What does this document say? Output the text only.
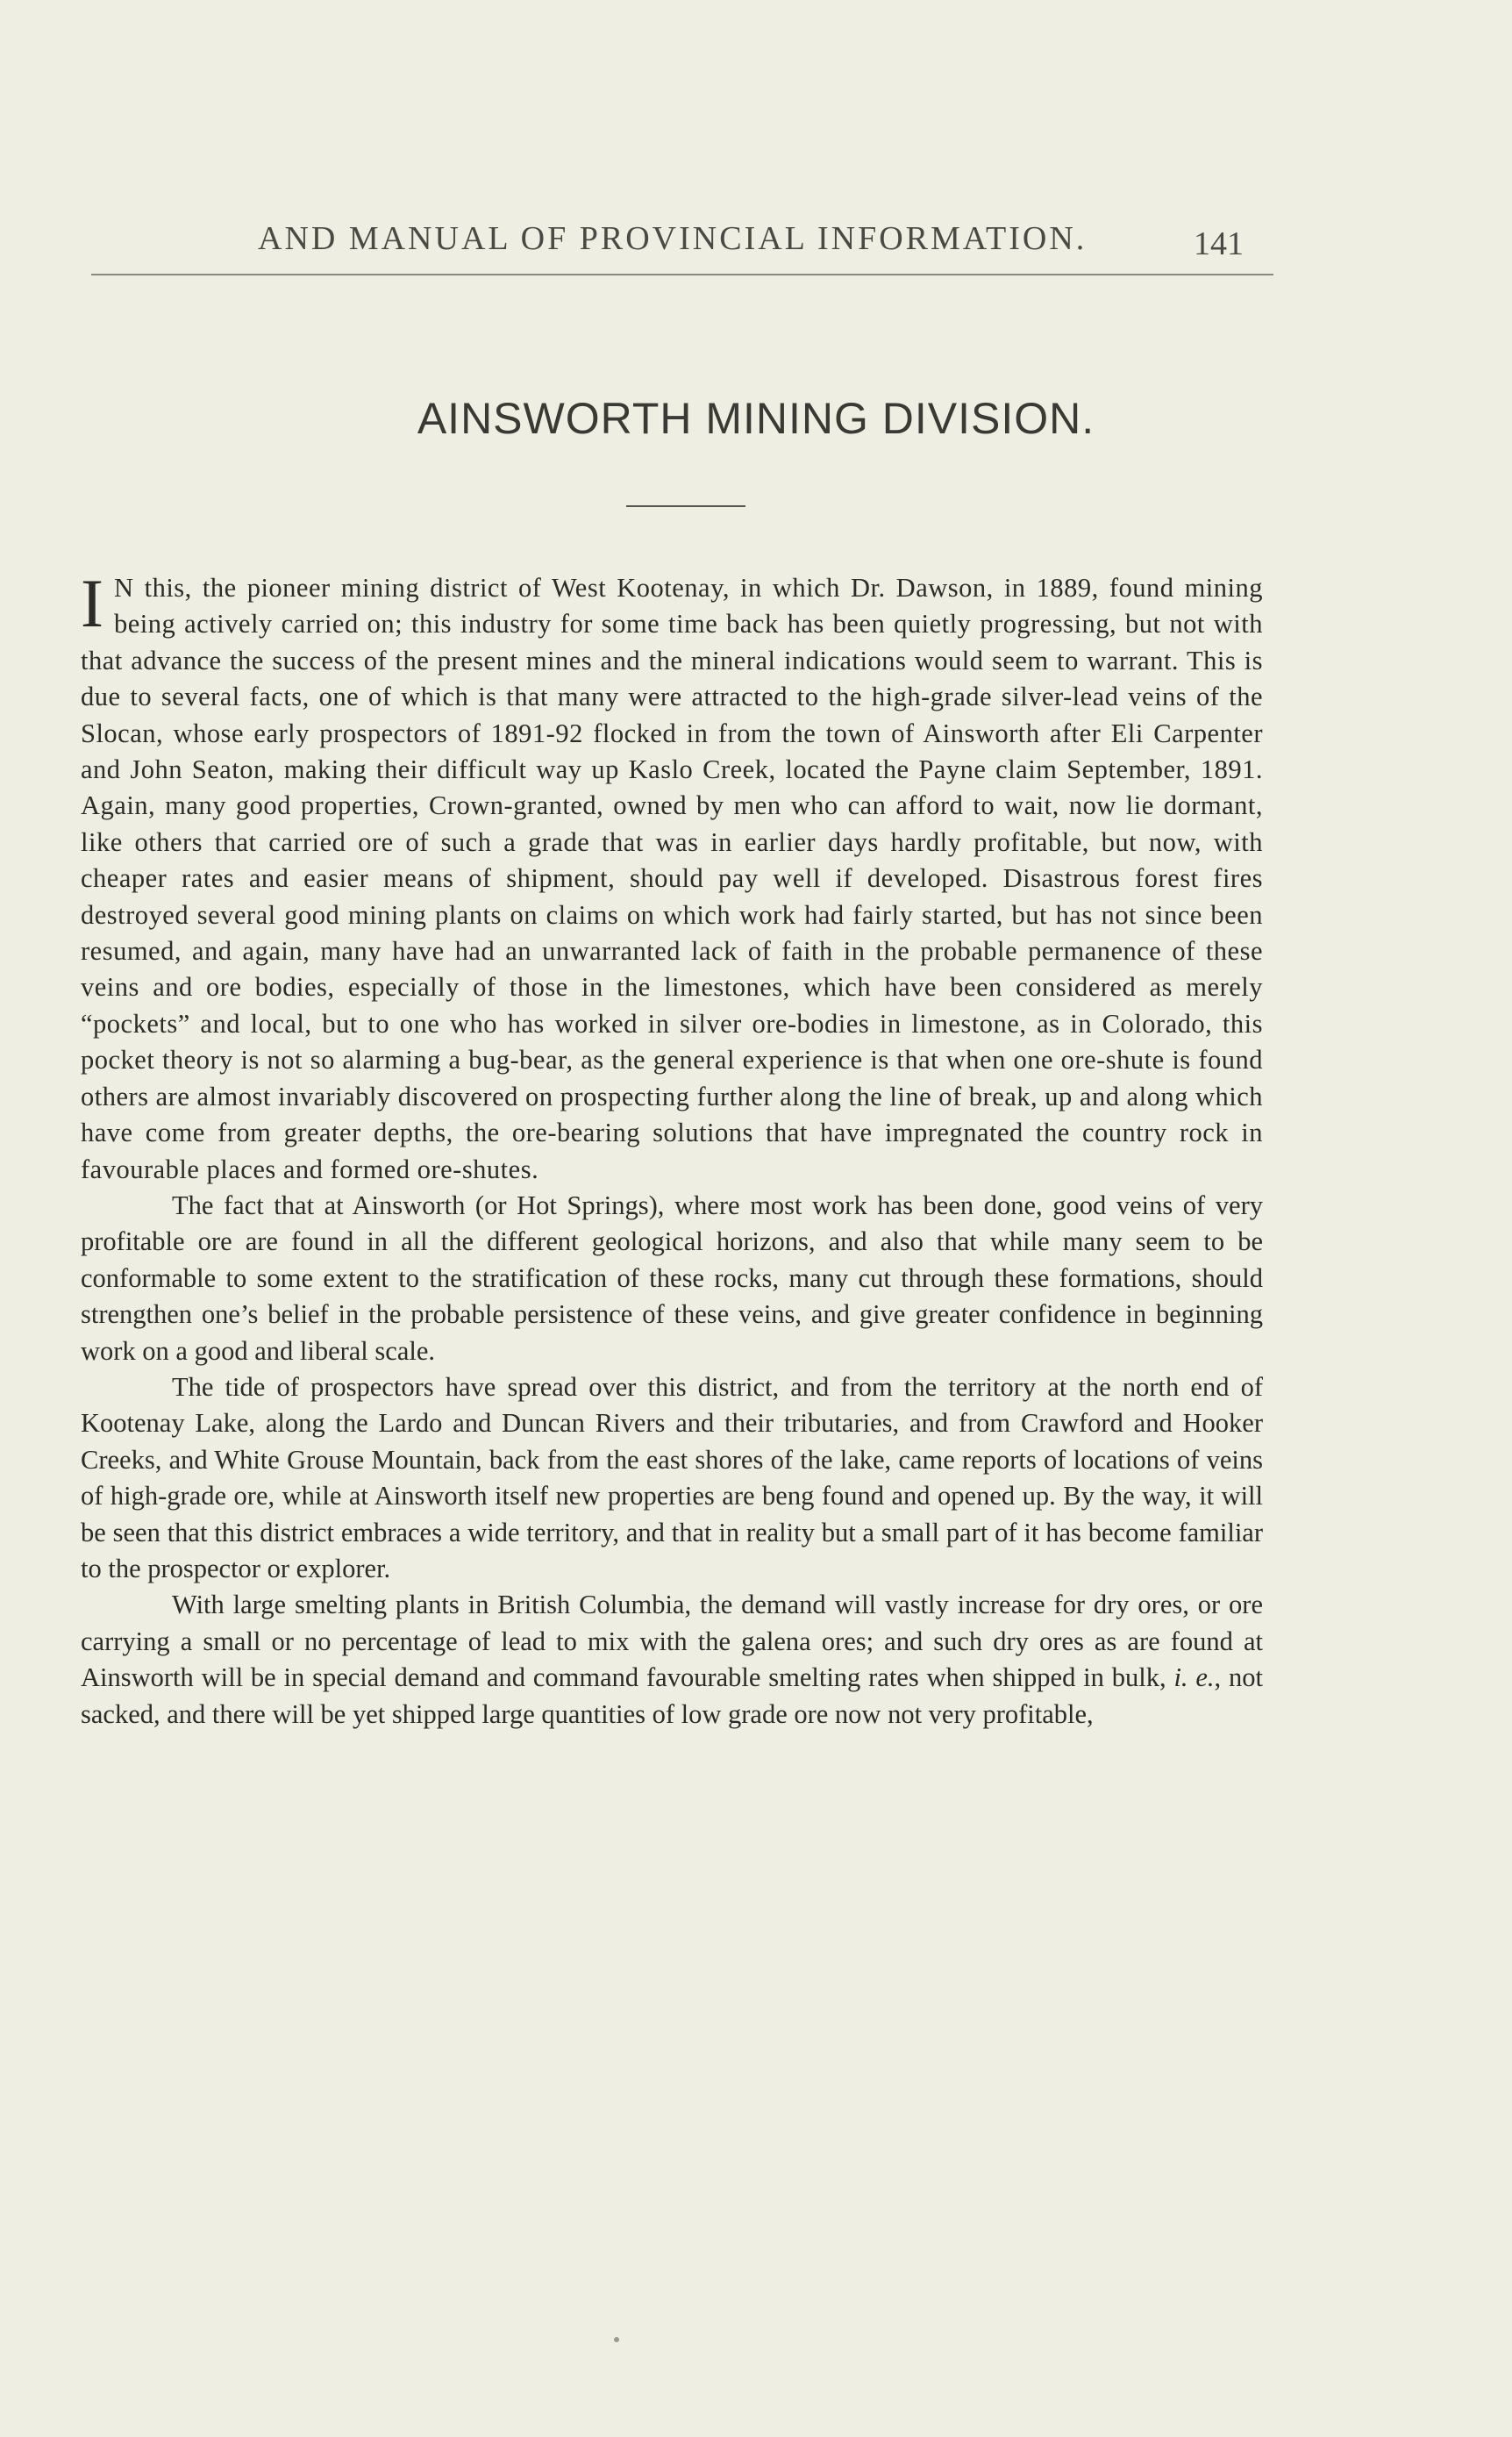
AND MANUAL OF PROVINCIAL INFORMATION.	141
AINSWORTH MINING DIVISION.

I N this, the pioneer mining district of West Kootenay, in which Dr. Dawson, in 1889, found mining being actively carried on; this industry for some time back has been quietly progressing, but not with that advance the success of the present mines and the mineral indications would seem to warrant. This is due to several facts, one of which is that many were attracted to the high-grade silver-lead veins of the Slocan, whose early prospectors of 1891-92 flocked in from the town of Ainsworth after Eli Carpenter and John Seaton, making their difficult way up Kaslo Creek, located the Payne claim September, 1891. Again, many good properties, Crown-granted, owned by men who can afford to wait, now lie dormant, like others that carried ore of such a grade that was in earlier days hardly profitable, but now, with cheaper rates and easier means of shipment, should pay well if developed. Disastrous forest fires destroyed several good mining plants on claims on which work had fairly started, but has not since been resumed, and again, many have had an unwarranted lack of faith in the probable permanence of these veins and ore bodies, especially of those in the limestones, which have been considered as merely “pockets” and local, but to one who has worked in silver ore-bodies in limestone, as in Colorado, this pocket theory is not so alarming a bug-bear, as the general experience is that when one ore-shute is found others are almost invariably discovered on prospecting further along the line of break, up and along which have come from greater depths, the ore-bearing solutions that have impregnated the country rock in favourable places and formed ore-shutes.

The fact that at Ainsworth (or Hot Springs), where most work has been done, good veins of very profitable ore are found in all the different geological horizons, and also that while many seem to be conformable to some extent to the stratification of these rocks, many cut through these formations, should strengthen one’s belief in the probable persistence of these veins, and give greater confidence in beginning work on a good and liberal scale.

The tide of prospectors have spread over this district, and from the territory at the north end of Kootenay Lake, along the Lardo and Duncan Rivers and their tributaries, and from Crawford and Hooker Creeks, and White Grouse Mountain, back from the east shores of the lake, came reports of locations of veins of high-grade ore, while at Ainsworth itself new properties are beng found and opened up. By the way, it will be seen that this district embraces a wide territory, and that in reality but a small part of it has become familiar to the prospector or explorer.

With large smelting plants in British Columbia, the demand will vastly increase for dry ores, or ore carrying a small or no percentage of lead to mix with the galena ores; and such dry ores as are found at Ainsworth will be in special demand and command favourable smelting rates when shipped in bulk, i. e., not sacked, and there will be yet shipped large quantities of low grade ore now not very profitable,
